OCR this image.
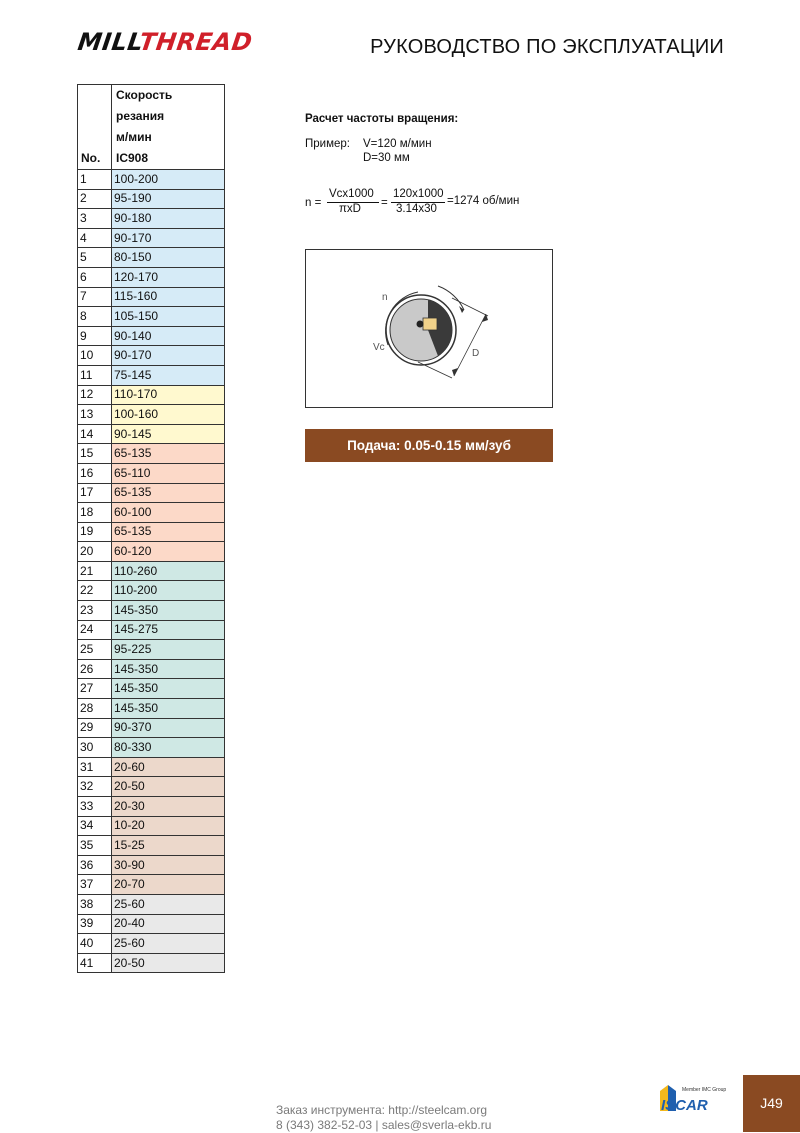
MILLTHREAD	РУКОВОДСТВО ПО ЭКСПЛУАТАЦИИ
No.	Скорость
резания
м/мин
IC908

1	100-200
2	95-190
3	90-180
4	90-170
5	80-150
6	120-170
7	115-160
8	105-150
9	90-140
10	90-170
11	75-145
12	110-170
13	100-160
14	90-145
15	65-135
16	65-110
17	65-135
18	60-100
19	65-135
20	60-120
21	110-260
22	110-200
23	145-350
24	145-275
25	95-225
26	145-350
27	145-350
28	145-350
29	90-370
30	80-330
31	20-60
32	20-50
33	20-30
34	10-20
35	15-25
36	30-90
37	20-70
38	25-60
39	20-40
40	25-60
41	20-50
Расчет частоты вращения:
Пример: V=120 м/мин
D=30 мм
n =
Vcx1000
πxD =
120x1000
3.14x30
=1274 об/мин
n
Vc
D
Подача: 0.05-0.15 мм/зуб
Заказ инструмента: http://steelcam.org
8 (343) 382-52-03 | sales@sverla-ekb.ru
Member IMC Group
ISCAR	J49
